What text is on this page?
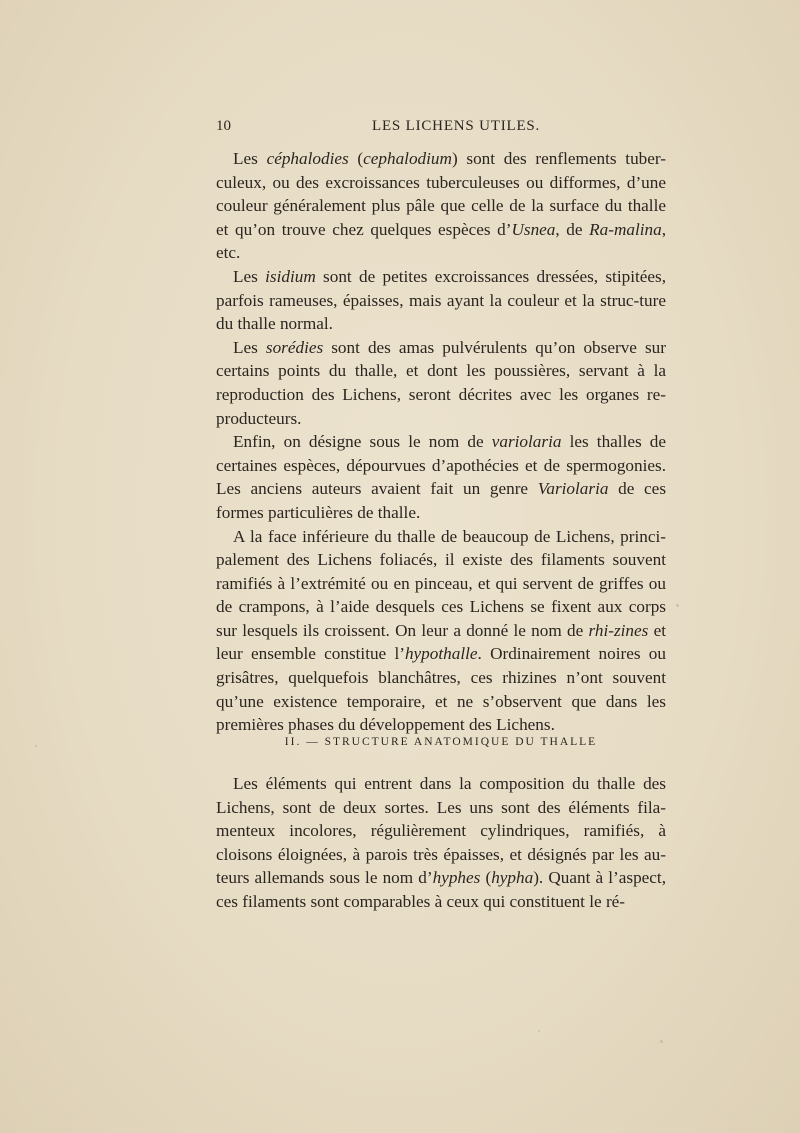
10	LES LICHENS UTILES.

Les céphalodies (cephalodium) sont des renflements tuber-culeux, ou des excroissances tuberculeuses ou difformes, d’une couleur généralement plus pâle que celle de la surface du thalle et qu’on trouve chez quelques espèces d’Usnea, de Ra-malina, etc.

Les isidium sont de petites excroissances dressées, stipitées, parfois rameuses, épaisses, mais ayant la couleur et la struc-ture du thalle normal.

Les sorédies sont des amas pulvérulents qu’on observe sur certains points du thalle, et dont les poussières, servant à la reproduction des Lichens, seront décrites avec les organes re-producteurs.

Enfin, on désigne sous le nom de variolaria les thalles de certaines espèces, dépourvues d’apothécies et de spermogonies. Les anciens auteurs avaient fait un genre Variolaria de ces formes particulières de thalle.

A la face inférieure du thalle de beaucoup de Lichens, princi-palement des Lichens foliacés, il existe des filaments souvent ramifiés à l’extrémité ou en pinceau, et qui servent de griffes ou de crampons, à l’aide desquels ces Lichens se fixent aux corps sur lesquels ils croissent. On leur a donné le nom de rhi-zines et leur ensemble constitue l’hypothalle. Ordinairement noires ou grisâtres, quelquefois blanchâtres, ces rhizines n’ont souvent qu’une existence temporaire, et ne s’observent que dans les premières phases du développement des Lichens.

II. — STRUCTURE ANATOMIQUE DU THALLE

Les éléments qui entrent dans la composition du thalle des Lichens, sont de deux sortes. Les uns sont des éléments fila-menteux incolores, régulièrement cylindriques, ramifiés, à cloisons éloignées, à parois très épaisses, et désignés par les au-teurs allemands sous le nom d’hyphes (hypha). Quant à l’aspect, ces filaments sont comparables à ceux qui constituent le ré-
